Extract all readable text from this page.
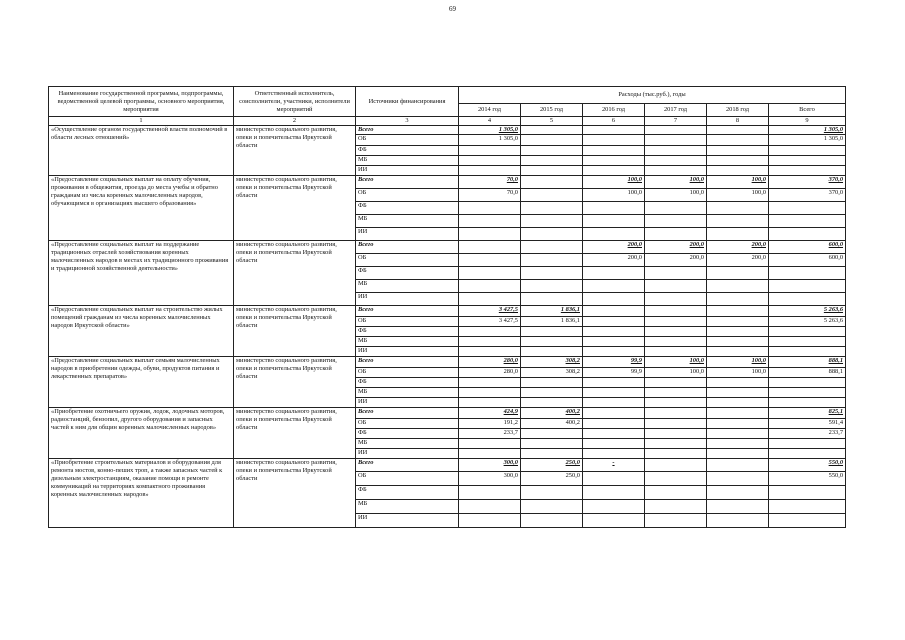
69
Наименование государственной программы, подпрограммы, ведомственной целевой программы, основного мероприятия, мероприятия	Ответственный исполнитель, соисполнители, участники, исполнители мероприятий	Источники финансирования	Расходы (тыс.руб.), годы					
			2014 год	2015 год	2016 год	2017 год	2018 год	Всего
1	2	3	4	5	6	7	8	9
«Осуществление органом государственной власти полномочий в области лесных отношений»	министерство социального развития, опеки и попечительства Иркутской области	Всего	1 305,0					1 305,0
		ОБ	1 305,0					1 305,0
		ФБ						
		МБ						
		ИИ						
«Предоставление социальных выплат на оплату обучения, проживания в общежития, проезда до места учебы и обратно гражданам из числа коренных малочисленных народов, обучающимся в организациях высшего образования»	министерство социального развития, опеки и попечительства Иркутской области	Всего	70,0		100,0	100,0	100,0	370,0
		ОБ	70,0		100,0	100,0	100,0	370,0
		ФБ						
		МБ						
		ИИ						
«Предоставление социальных выплат на поддержание традиционных отраслей хозяйствования коренных малочисленных народов в местах их традиционного проживания и традиционной хозяйственной деятельности»	министерство социального развития, опеки и попечительства Иркутской области	Всего			200,0	200,0	200,0	600,0
		ОБ			200,0	200,0	200,0	600,0
		ФБ						
		МБ						
		ИИ						
«Предоставление социальных выплат на строительство жилых помещений гражданам из числа коренных малочисленных народов Иркутской области»	министерство социального развития, опеки и попечительства Иркутской области	Всего	3 427,5	1 836,1				5 263,6
		ОБ	3 427,5	1 836,1				5 263,6
		ФБ						
		МБ						
		ИИ						
«Предоставление социальных выплат семьям малочисленных народов в приобретении одежды, обуви, продуктов питания и лекарственных препаратов»	министерство социального развития, опеки и попечительства Иркутской области	Всего	280,0	308,2	99,9	100,0	100,0	888,1
		ОБ	280,0	308,2	99,9	100,0	100,0	888,1
		ФБ						
		МБ						
		ИИ						
«Приобретение охотничьего оружия, лодок, лодочных моторов, радиостанций, бензопил, другого оборудования и запасных частей к ним для общин коренных малочисленных народов»	министерство социального развития, опеки и попечительства Иркутской области	Всего	424,9	400,2				825,1
		ОБ	191,2	400,2				591,4
		ФБ	233,7					233,7
		МБ						
		ИИ						
«Приобретение строительных материалов и оборудования для ремонта мостов, конно-пеших троп, а также запасных частей к дизельным электростанциям, оказание помощи в ремонте коммуникаций на территориях компактного проживания коренных малочисленных народов»	министерство социального развития, опеки и попечительства Иркутской области	Всего	300,0	250,0	-			550,0
		ОБ	300,0	250,0				550,0
		ФБ						
		МБ						
		ИИ						
